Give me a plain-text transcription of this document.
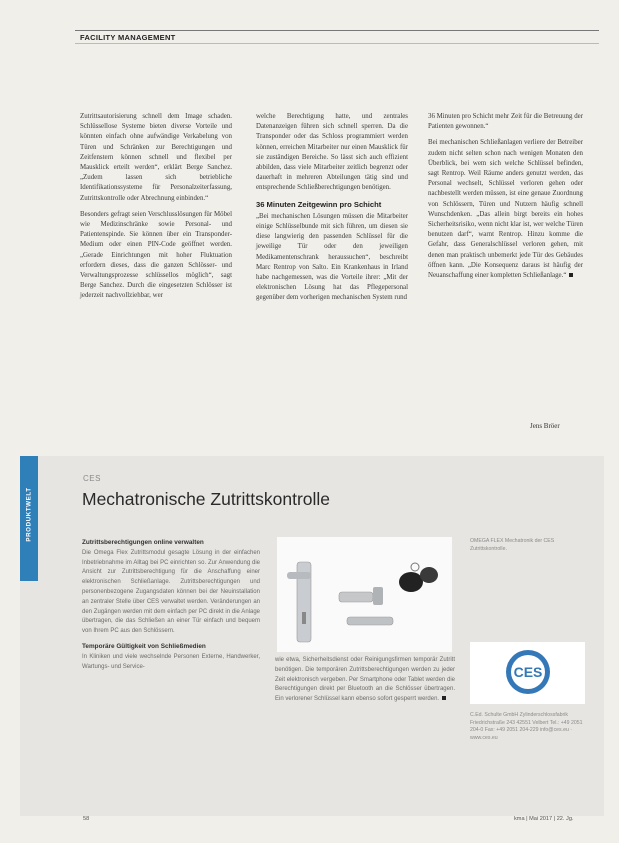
FACILITY MANAGEMENT

Zutrittsautorisierung schnell dem Image schaden. Schlüssellose Systeme bieten diverse Vorteile und könnten einfach ohne aufwändige Verkabelung von Türen und Schränken zur Berechtigungen und Zeitfenstern können schnell und flexibel per Mausklick erteilt werden“, erklärt Berge Sanchez. „Zudem lassen sich betriebliche Identifikationssysteme für Personalzeiterfassung, Zutrittskontrolle oder Abrechnung einbinden.“

Besonders gefragt seien Verschlusslösungen für Möbel wie Medizinschränke sowie Personal- und Patientenspinde. Sie können über ein Transponder-Medium oder einen PIN-Code geöffnet werden. „Gerade Einrichtungen mit hoher Fluktuation erfordern dieses, dass die ganzen Schlösser- und Verwaltungsprozesse schlüssellos möglich“, sagt Berge Sanchez. Durch die eingesetzten Schlösser ist jederzeit nachvollziehbar, wer

welche Berechtigung hatte, und zentrales Datenanzeigen führen sich schnell sperren. Da die Transponder oder das Schloss programmiert werden können, erreichen Mitarbeiter nur einen Mausklick für sie zuständigen Bereiche. So lässt sich auch effizient abbilden, dass viele Mitarbeiter zeitlich begrenzt oder dauerhaft in mehreren Abteilungen tätig sind und entsprechende Schließberechtigungen benötigen.

36 Minuten Zeitgewinn pro Schicht

„Bei mechanischen Lösungen müssen die Mitarbeiter einige Schlüsselbunde mit sich führen, um diesen sie diese langwierig den passenden Schlüssel für die jeweilige Tür oder den jeweiligen Medikamentenschrank heraussuchen“, beschreibt Marc Rentrop von Salto. Ein Krankenhaus in Irland habe nachgemessen, was die Vorteile ihrer: „Mit der elektronischen Lösung hat das Pflegepersonal gegenüber dem vorherigen mechanischen System rund

36 Minuten pro Schicht mehr Zeit für die Betreuung der Patienten gewonnen.“

Bei mechanischen Schließanlagen verliere der Betreiber zudem nicht selten schon nach wenigen Monaten den Überblick, bei wem sich welche Schlüssel befinden, sagt Rentrop. Weil Räume anders genutzt werden, das Personal wechselt, Schlüssel verloren gehen oder nachbestellt werden müssen, ist eine genaue Zuordnung von Schlössern, Türen und Nutzern häufig schnell Wunschdenken. „Das allein birgt bereits ein hohes Sicherheitsrisiko, wenn nicht klar ist, wer welche Türen benutzen darf“, warnt Rentrop. Hinzu komme die Gefahr, dass Generalschlüssel verloren gehen, mit denen man praktisch unbemerkt jede Tür des Gebäudes öffnen kann. „Die Konsequenz daraus ist häufig der Neuanschaffung einer kompletten Schließanlage.“

Jens Bröer
PRODUKTWELT
CES
Mechatronische Zutrittskontrolle
Zutrittsberechtigungen online verwalten

Die Omega Flex Zutrittsmodul gesagte Lösung in der einfachen Inbetriebnahme im Alltag bei PC einrichten so. Zur Anwendung die Ansicht zur Zutrittsberechtigung für die Anschaffung einer elektronischen Schließanlage. Zutrittsberechtigungen und personenbezogene Zugangsdaten können bei der Neuinstallation an zentraler Stelle über CES verwaltet werden. Veränderungen an den Zugängen werden mit dem einfach per PC direkt in die Anlage übertragen, die das Schließen an einer Tür einfach und bequem von Ihrem PC aus den Schlössern.

Temporäre Gültigkeit von Schließmedien

In Kliniken und viele wechselnde Personen Externe, Handwerker, Wartungs- und Service-

wie etwa, Sicherheitsdienst oder Reinigungsfirmen temporär Zutritt benötigen. Die temporären Zutrittsberechtigungen werden zu jeder Zeit elektronisch vergeben. Per Smartphone oder Tablet werden die Berechtigungen direkt per Bluetooth an die Schlösser übertragen. Ein verlorener Schlüssel kann ebenso sofort gesperrt werden.

OMEGA FLEX Mechatronik der CES Zutrittskontrolle.
CES
C.Ed. Schulte GmbH Zylinderschlossfabrik Friedrichstraße 243 42551 Velbert Tel.: +49 2051 204-0 Fax: +49 2051 204-229 info@ces.eu · www.ces.eu
58	kma | Mai 2017 | 22. Jg.
